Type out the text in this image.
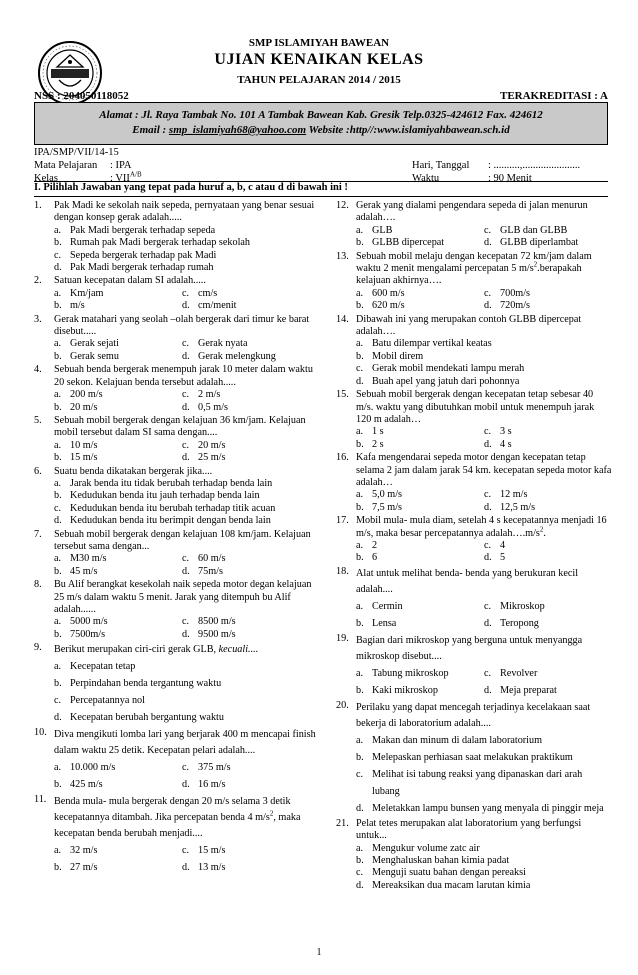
SMP ISLAMIYAH BAWEAN
UJIAN KENAIKAN KELAS
TAHUN PELAJARAN 2014 / 2015
NSS : 204050118052	TERAKREDITASI : A
Alamat : Jl. Raya Tambak No. 101 A Tambak Bawean Kab. Gresik Telp.0325-424612 Fax. 424612
Email : smp_islamiyah68@yahoo.com Website :http//:www.islamiyahbawean.sch.id
IPA/SMP/VII/14-15
Mata Pelajaran : IPA
Kelas	: $VII^{A/B}$
Hari, Tanggal : ..........,......................
Waktu	: 90 Menit
I. Pilihlah Jawaban yang tepat pada huruf a, b, c atau d di bawah ini !
1. Pak Madi ke sekolah naik sepeda, pernyataan yang benar sesuai dengan konsep gerak adalah.....
a. Pak Madi bergerak terhadap sepeda
b. Rumah pak Madi bergerak terhadap sekolah
c. Sepeda bergerak terhadap pak Madi
d. Pak Madi bergerak terhadap rumah
2. Satuan kecepatan dalam SI adalah.....
a. Km/jam	c. cm/s
b. m/s	d. cm/menit
3. Gerak matahari yang seolah –olah bergerak dari timur ke barat disebut.....
a. Gerak sejati	c. Gerak nyata
b. Gerak semu	d. Gerak melengkung
4. Sebuah benda bergerak menempuh jarak 10 meter dalam waktu 20 sekon. Kelajuan benda tersebut adalah.....
a. 200 m/s	c. 2 m/s
b. 20 m/s	d. 0,5 m/s
5. Sebuah mobil bergerak dengan kelajuan 36 km/jam. Kelajuan mobil tersebut dalam SI sama dengan....
a. 10 m/s	c. 20 m/s
b. 15 m/s	d. 25 m/s
6. Suatu benda dikatakan bergerak jika....
a. Jarak benda itu tidak berubah terhadap benda lain
b. Kedudukan benda itu jauh terhadap benda lain
c. Kedudukan benda itu berubah terhadap titik acuan
d. Kedudukan benda itu berimpit dengan benda lain
7. Sebuah mobil bergerak dengan kelajuan 108 km/jam. Kelajuan tersebut sama dengan...
a. M30 m/s	c. 60 m/s
b. 45 m/s	d. 75m/s
8. Bu Alif berangkat kesekolah naik sepeda motor degan kelajuan 25 m/s dalam waktu 5 menit. Jarak yang ditempuh bu Alif adalah......
a. 5000 m/s	c. 8500 m/s
b. 7500m/s	d. 9500 m/s
9. Berikut merupakan ciri-ciri gerak GLB, kecuali....
a. Kecepatan tetap
b. Perpindahan benda tergantung waktu
c. Percepatannya nol
d. Kecepatan berubah bergantung waktu
10. Diva mengikuti lomba lari yang berjarak 400 m mencapai finish dalam waktu 25 detik. Kecepatan pelari adalah....
a. 10.000 m/s	c. 375 m/s
b. 425 m/s	d. 16 m/s
11. Benda mula- mula bergerak dengan 20 m/s selama 3 detik kecepatannya ditambah. Jika percepatan benda 4 $m/s^2$, maka kecepatan benda berubah menjadi....
a. 32 m/s	c. 15 m/s
b. 27 m/s	d. 13 m/s
12. Gerak yang dialami pengendara sepeda di jalan menurun adalah….
a. GLB	c. GLB dan GLBB
b. GLBB dipercepat	d. GLBB diperlambat
13. Sebuah mobil melaju dengan kecepatan 72 km/jam dalam waktu 2 menit mengalami percepatan 5 $m/s^2.berapakah$ kelajuan akhirnya….
a. 600 m/s	c. 700m/s
b. 620 m/s	d. 720m/s
14. Dibawah ini yang merupakan contoh GLBB dipercepat adalah….
a. Batu dilempar vertikal keatas
b. Mobil direm
c. Gerak mobil mendekati lampu merah
d. Buah apel yang jatuh dari pohonnya
15. Sebuah mobil bergerak dengan kecepatan tetap sebesar 40 m/s. waktu yang dibutuhkan mobil untuk menempuh jarak 120 m adalah…
a. 1 s	c. 3 s
b. 2 s	d. 4 s
16. Kafa mengendarai sepeda motor dengan kecepatan tetap selama 2 jam dalam jarak 54 km. kecepatan sepeda motor kafa adalah…
a. 5,0 m/s	c. 12 m/s
b. 7,5 m/s	d. 12,5 m/s
17. Mobil mula- mula diam, setelah 4 s kecepatannya menjadi 16 m/s, maka besar percepatannya $adalah\dots.m/s^2$.
a. 2	c. 4
b. 6	d. 5
18. Alat untuk melihat benda- benda yang berukuran kecil adalah....
a. Cermin	c. Mikroskop
b. Lensa	d. Teropong
19. Bagian dari mikroskop yang berguna untuk menyangga mikroskop disebut....
a. Tabung mikroskop	c. Revolver
b. Kaki mikroskop	d. Meja preparat
20. Perilaku yang dapat mencegah terjadinya kecelakaan saat bekerja di laboratorium adalah....
a. Makan dan minum di dalam laboratorium
b. Melepaskan perhiasan saat melakukan praktikum
c. Melihat isi tabung reaksi yang dipanaskan dari arah lubang
d. Meletakkan lampu bunsen yang menyala di pinggir meja
21. Pelat tetes merupakan alat laboratorium yang berfungsi untuk...
a. Mengukur volume zatc air
b. Menghaluskan bahan kimia padat
c. Menguji suatu bahan dengan pereaksi
d. Mereaksikan dua macam larutan kimia
1
